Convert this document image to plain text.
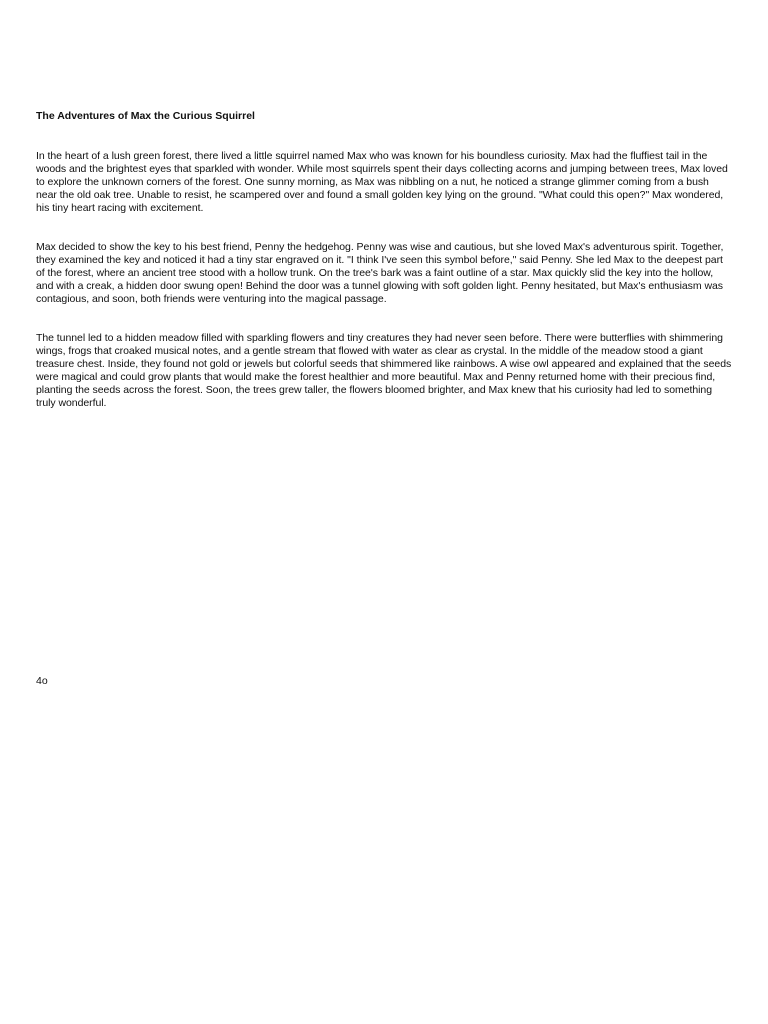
The Adventures of Max the Curious Squirrel

In the heart of a lush green forest, there lived a little squirrel named Max who was known for his boundless curiosity. Max had the fluffiest tail in the woods and the brightest eyes that sparkled with wonder. While most squirrels spent their days collecting acorns and jumping between trees, Max loved to explore the unknown corners of the forest. One sunny morning, as Max was nibbling on a nut, he noticed a strange glimmer coming from a bush near the old oak tree. Unable to resist, he scampered over and found a small golden key lying on the ground. "What could this open?" Max wondered, his tiny heart racing with excitement.

Max decided to show the key to his best friend, Penny the hedgehog. Penny was wise and cautious, but she loved Max's adventurous spirit. Together, they examined the key and noticed it had a tiny star engraved on it. "I think I've seen this symbol before," said Penny. She led Max to the deepest part of the forest, where an ancient tree stood with a hollow trunk. On the tree's bark was a faint outline of a star. Max quickly slid the key into the hollow, and with a creak, a hidden door swung open! Behind the door was a tunnel glowing with soft golden light. Penny hesitated, but Max's enthusiasm was contagious, and soon, both friends were venturing into the magical passage.

The tunnel led to a hidden meadow filled with sparkling flowers and tiny creatures they had never seen before. There were butterflies with shimmering wings, frogs that croaked musical notes, and a gentle stream that flowed with water as clear as crystal. In the middle of the meadow stood a giant treasure chest. Inside, they found not gold or jewels but colorful seeds that shimmered like rainbows. A wise owl appeared and explained that the seeds were magical and could grow plants that would make the forest healthier and more beautiful. Max and Penny returned home with their precious find, planting the seeds across the forest. Soon, the trees grew taller, the flowers bloomed brighter, and Max knew that his curiosity had led to something truly wonderful.

4o
